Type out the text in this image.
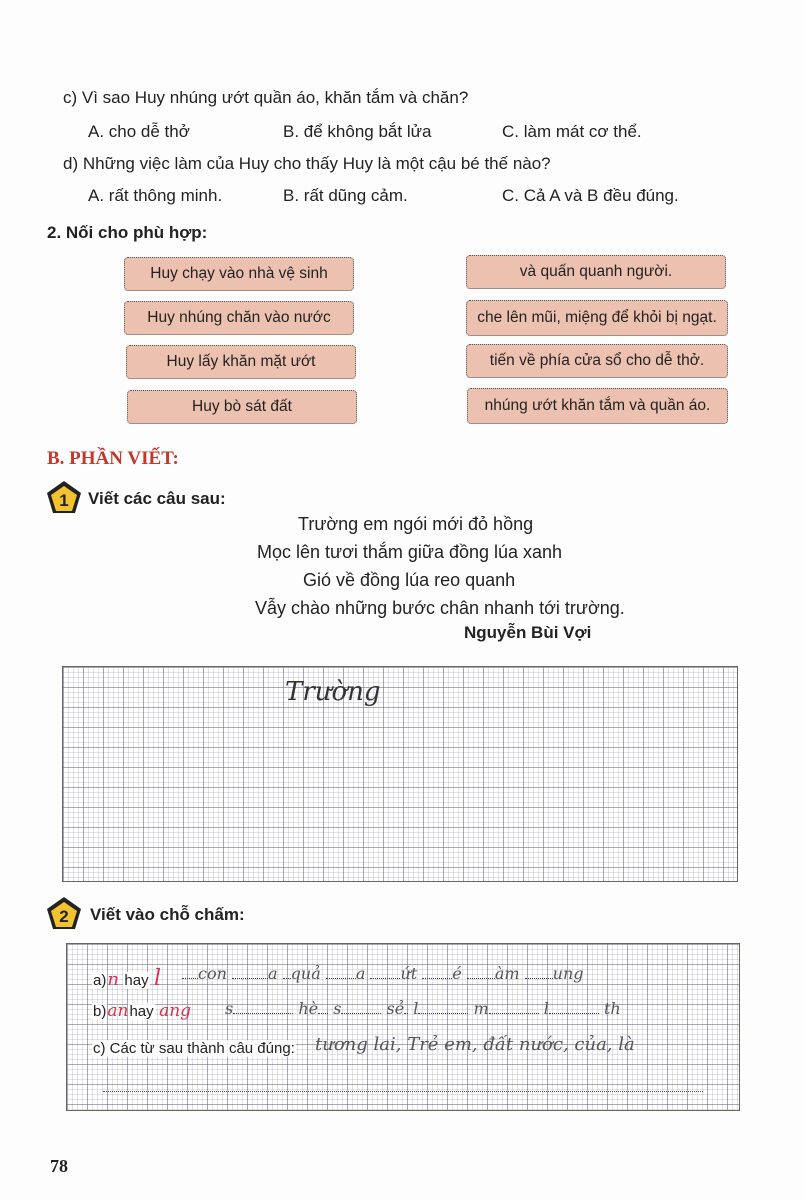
c) Vì sao Huy nhúng ướt quần áo, khăn tắm và chăn?
A. cho dễ thở	B. để không bắt lửa	C. làm mát cơ thể.
d) Những việc làm của Huy cho thấy Huy là một cậu bé thế nào?
A. rất thông minh.	B. rất dũng cảm.	C. Cả A và B đều đúng.
2. Nối cho phù hợp:
Huy chạy vào nhà vệ sinh
Huy nhúng chăn vào nước
Huy lấy khăn mặt ướt
Huy bò sát đất
và quấn quanh người.
che lên mũi, miệng để khỏi bị ngạt.
tiến về phía cửa sổ cho dễ thở.
nhúng ướt khăn tắm và quần áo.
B. PHẦN VIẾT:
1 Viết các câu sau:
Trường em ngói mới đỏ hồng
Mọc lên tươi thắm giữa đồng lúa xanh
Gió về đồng lúa reo quanh
Vẫy chào những bước chân nhanh tới trường.
Nguyễn Bùi Vợi
Trường
2 Viết vào chỗ chấm:
a)n hay l	con	a quả a ứt é àm ung
b)anhay ang s	hè s	sẻ l	m	l	th
c) Các từ sau thành câu đúng: tương lai, Trẻ em, đất nước, của, là
78
